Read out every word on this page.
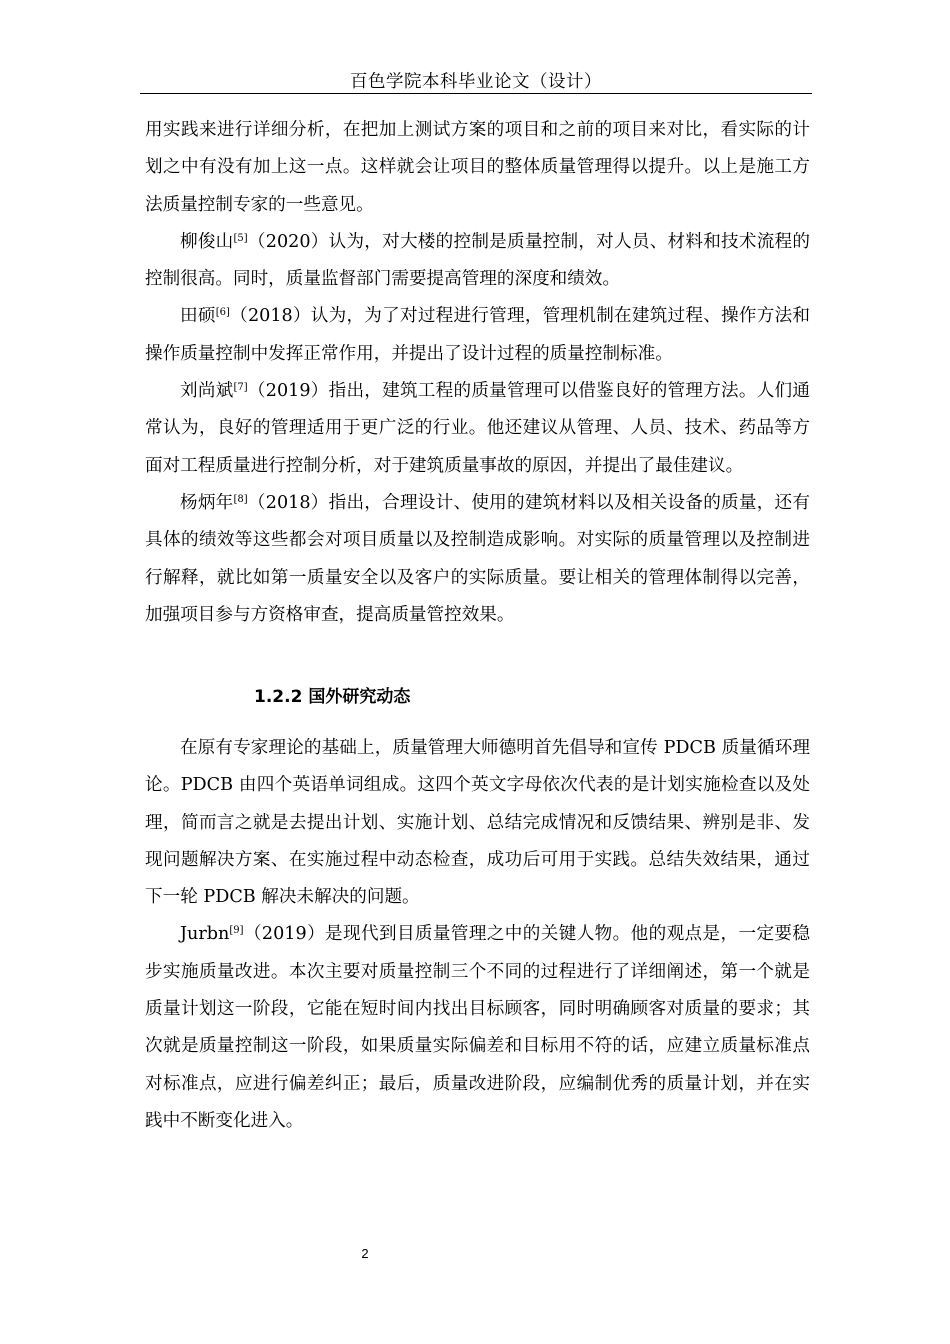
百色学院本科毕业论文（设计）

用实践来进行详细分析，在把加上测试方案的项目和之前的项目来对比，看实际的计划之中有没有加上这一点。这样就会让项目的整体质量管理得以提升。以上是施工方法质量控制专家的一些意见。

柳俊山[5]（2020）认为，对大楼的控制是质量控制，对人员、材料和技术流程的控制很高。同时，质量监督部门需要提高管理的深度和绩效。

田硕[6]（2018）认为，为了对过程进行管理，管理机制在建筑过程、操作方法和操作质量控制中发挥正常作用，并提出了设计过程的质量控制标准。

刘尚斌[7]（2019）指出，建筑工程的质量管理可以借鉴良好的管理方法。人们通常认为，良好的管理适用于更广泛的行业。他还建议从管理、人员、技术、药品等方面对工程质量进行控制分析，对于建筑质量事故的原因，并提出了最佳建议。

杨炳年[8]（2018）指出，合理设计、使用的建筑材料以及相关设备的质量，还有具体的绩效等这些都会对项目质量以及控制造成影响。对实际的质量管理以及控制进行解释，就比如第一质量安全以及客户的实际质量。要让相关的管理体制得以完善，加强项目参与方资格审查，提高质量管控效果。

1.2.2 国外研究动态

在原有专家理论的基础上，质量管理大师德明首先倡导和宣传 PDCB 质量循环理论。PDCB 由四个英语单词组成。这四个英文字母依次代表的是计划实施检查以及处理，简而言之就是去提出计划、实施计划、总结完成情况和反馈结果、辨别是非、发现问题解决方案、在实施过程中动态检查，成功后可用于实践。总结失效结果，通过下一轮 PDCB 解决未解决的问题。

Jurbn[9]（2019）是现代到目质量管理之中的关键人物。他的观点是，一定要稳步实施质量改进。本次主要对质量控制三个不同的过程进行了详细阐述，第一个就是质量计划这一阶段，它能在短时间内找出目标顾客，同时明确顾客对质量的要求；其次就是质量控制这一阶段，如果质量实际偏差和目标用不符的话，应建立质量标准点对标准点，应进行偏差纠正；最后，质量改进阶段，应编制优秀的质量计划，并在实践中不断变化进入。

2
